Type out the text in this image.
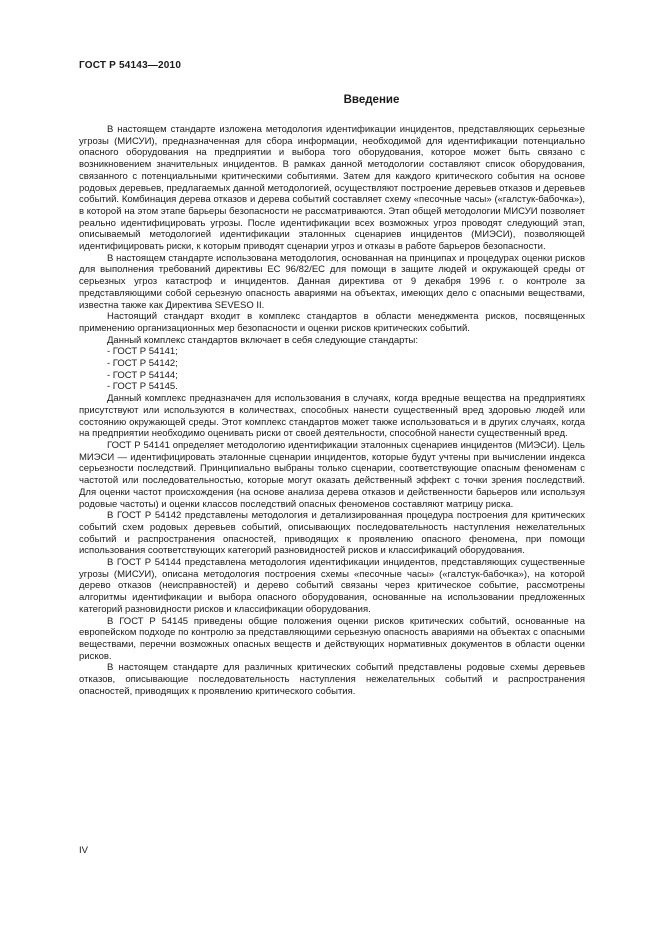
ГОСТ Р 54143—2010
Введение

В настоящем стандарте изложена методология идентификации инцидентов, представляющих серьезные угрозы (МИСУИ), предназначенная для сбора информации, необходимой для идентификации потенциально опасного оборудования на предприятии и выбора того оборудования, которое может быть связано с возникновением значительных инцидентов. В рамках данной методологии составляют список оборудования, связанного с потенциальными критическими событиями. Затем для каждого критического события на основе родовых деревьев, предлагаемых данной методологией, осуществляют построение деревьев отказов и деревьев событий. Комбинация дерева отказов и дерева событий составляет схему «песочные часы» («галстук-бабочка»), в которой на этом этапе барьеры безопасности не рассматриваются. Этап общей методологии МИСУИ позволяет реально идентифицировать угрозы. После идентификации всех возможных угроз проводят следующий этап, описываемый методологией идентификации эталонных сценариев инцидентов (МИЭСИ), позволяющей идентифицировать риски, к которым приводят сценарии угроз и отказы в работе барьеров безопасности.

В настоящем стандарте использована методология, основанная на принципах и процедурах оценки рисков для выполнения требований директивы ЕС 96/82/ЕС для помощи в защите людей и окружающей среды от серьезных угроз катастроф и инцидентов. Данная директива от 9 декабря 1996 г. о контроле за представляющими собой серьезную опасность авариями на объектах, имеющих дело с опасными веществами, известна также как Директива SEVESO II.

Настоящий стандарт входит в комплекс стандартов в области менеджмента рисков, посвященных применению организационных мер безопасности и оценки рисков критических событий.

Данный комплекс стандартов включает в себя следующие стандарты:

- ГОСТ Р 54141;

- ГОСТ Р 54142;

- ГОСТ Р 54144;

- ГОСТ Р 54145.

Данный комплекс предназначен для использования в случаях, когда вредные вещества на предприятиях присутствуют или используются в количествах, способных нанести существенный вред здоровью людей или состоянию окружающей среды. Этот комплекс стандартов может также использоваться и в других случаях, когда на предприятии необходимо оценивать риски от своей деятельности, способной нанести существенный вред.

ГОСТ Р 54141 определяет методологию идентификации эталонных сценариев инцидентов (МИЭСИ). Цель МИЭСИ — идентифицировать эталонные сценарии инцидентов, которые будут учтены при вычислении индекса серьезности последствий. Принципиально выбраны только сценарии, соответствующие опасным феноменам с частотой или последовательностью, которые могут оказать действенный эффект с точки зрения последствий. Для оценки частот происхождения (на основе анализа дерева отказов и действенности барьеров или используя родовые частоты) и оценки классов последствий опасных феноменов составляют матрицу риска.

В ГОСТ Р 54142 представлены методология и детализированная процедура построения для критических событий схем родовых деревьев событий, описывающих последовательность наступления нежелательных событий и распространения опасностей, приводящих к проявлению опасного феномена, при помощи использования соответствующих категорий разновидностей рисков и классификаций оборудования.

В ГОСТ Р 54144 представлена методология идентификации инцидентов, представляющих существенные угрозы (МИСУИ), описана методология построения схемы «песочные часы» («галстук-бабочка»), на которой дерево отказов (неисправностей) и дерево событий связаны через критическое событие, рассмотрены алгоритмы идентификации и выбора опасного оборудования, основанные на использовании предложенных категорий разновидности рисков и классификации оборудования.

В ГОСТ Р 54145 приведены общие положения оценки рисков критических событий, основанные на европейском подходе по контролю за представляющими серьезную опасность авариями на объектах с опасными веществами, перечни возможных опасных веществ и действующих нормативных документов в области оценки рисков.

В настоящем стандарте для различных критических событий представлены родовые схемы деревьев отказов, описывающие последовательность наступления нежелательных событий и распространения опасностей, приводящих к проявлению критического события.

IV
